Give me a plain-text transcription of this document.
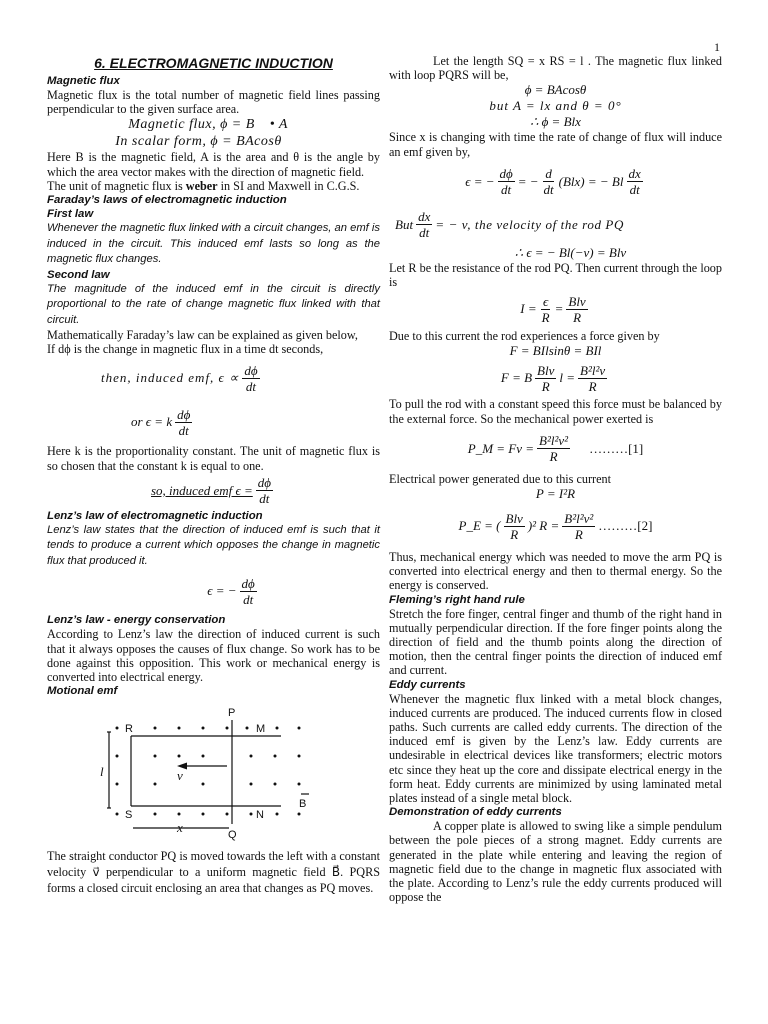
1
6. ELECTROMAGNETIC INDUCTION
Magnetic flux

Magnetic flux is the total number of magnetic field lines passing perpendicular to the given surface area.

Magnetic flux, ϕ = B⃗ • A⃗
In scalar form, ϕ = BAcosθ

Here B is the magnetic field, A is the area and θ is the angle by which the area vector makes with the direction of magnetic field.

The unit of magnetic flux is weber in SI and Maxwell in C.G.S.

Faraday’s laws of electromagnetic induction
First law

Whenever the magnetic flux linked with a circuit changes, an emf is induced in the circuit. This induced emf lasts so long as the magnetic flux changes.

Second law

The magnitude of the induced emf in the circuit is directly proportional to the rate of change magnetic flux linked with that circuit.

Mathematically Faraday’s law can be explained as given below,

If dϕ is the change in magnetic flux in a time dt seconds,

then, induced emf, $\epsilon \propto \frac{d\phi}{dt}$
or ϵ = k $\frac{d\phi}{dt}$

Here k is the proportionality constant. The unit of magnetic flux is so chosen that the constant k is equal to one.

so, induced emf $\epsilon = \frac{d\phi}{dt}$
Lenz’s law of electromagnetic induction

Lenz’s law states that the direction of induced emf is such that it tends to produce a current which opposes the change in magnetic flux that produced it.

ϵ = − $\frac{d\phi}{dt}$
Lenz’s law - energy conservation

According to Lenz’s law the direction of induced current is such that it always opposes the causes of flux change. So work has to be done against this opposition. This work or mechanical energy is converted into electrical energy.

Motional emf
P
Q
R
S
M
N
B
v
l
x

The straight conductor PQ is moved towards the left with a constant velocity v⃗ perpendicular to a uniform magnetic field B⃗. PQRS forms a closed circuit enclosing an area that changes as PQ moves.

Let the length SQ = x RS = l . The magnetic flux linked with loop PQRS will be,

ϕ = BAcosθ
but A = lx and θ = 0°
∴ ϕ = Blx

Since x is changing with time the rate of change of flux will induce an emf given by,

ϵ = − $\frac{d\phi}{dt}$ = − $\frac{d}{dt} (Blx)$ = − Bl $\frac{dx}{dt}$
But $\frac{dx}{dt}$ = − v, the velocity of the rod PQ
∴ ϵ = − Bl(−v) = Blv

Let R be the resistance of the rod PQ. Then current through the loop is

$I = \frac{\epsilon}{R} = \frac{\text{Blv}}{R}$

Due to this current the rod experiences a force given by

F = BIlsinθ = BIl
F = B $\frac{\text{Blv}}{R}$ $l = \frac{\text{B²l²v}}{R}$

To pull the rod with a constant speed this force must be balanced by the external force. So the mechanical power exerted is

P_M = $Fv = \frac{\text{B²l²v²}}{R}$ ………[1]

Electrical power generated due to this current

P = I²R
P_E = ( $\frac{\text{Blv}}{R} )^2$ $R = \frac{\text{B²l²v²}}{R}$ ………[2]

Thus, mechanical energy which was needed to move the arm PQ is converted into electrical energy and then to thermal energy. So the energy is conserved.

Fleming’s right hand rule

Stretch the fore finger, central finger and thumb of the right hand in mutually perpendicular direction. If the fore finger points along the direction of field and the thumb points along the direction of motion, then the central finger points the direction of induced emf and current.

Eddy currents

Whenever the magnetic flux linked with a metal block changes, induced currents are produced. The induced currents flow in closed paths. Such currents are called eddy currents. The direction of the induced emf is given by the Lenz’s law. Eddy currents are undesirable in electrical devices like transformers; electric motors etc since they heat up the core and dissipate electrical energy in the form heat. Eddy currents are minimized by using laminated metal plates instead of a single metal block.

Demonstration of eddy currents

A copper plate is allowed to swing like a simple pendulum between the pole pieces of a strong magnet. Eddy currents are generated in the plate while entering and leaving the region of magnetic field due to the change in magnetic flux associated with the plate. According to Lenz’s rule the eddy currents produced will oppose the
